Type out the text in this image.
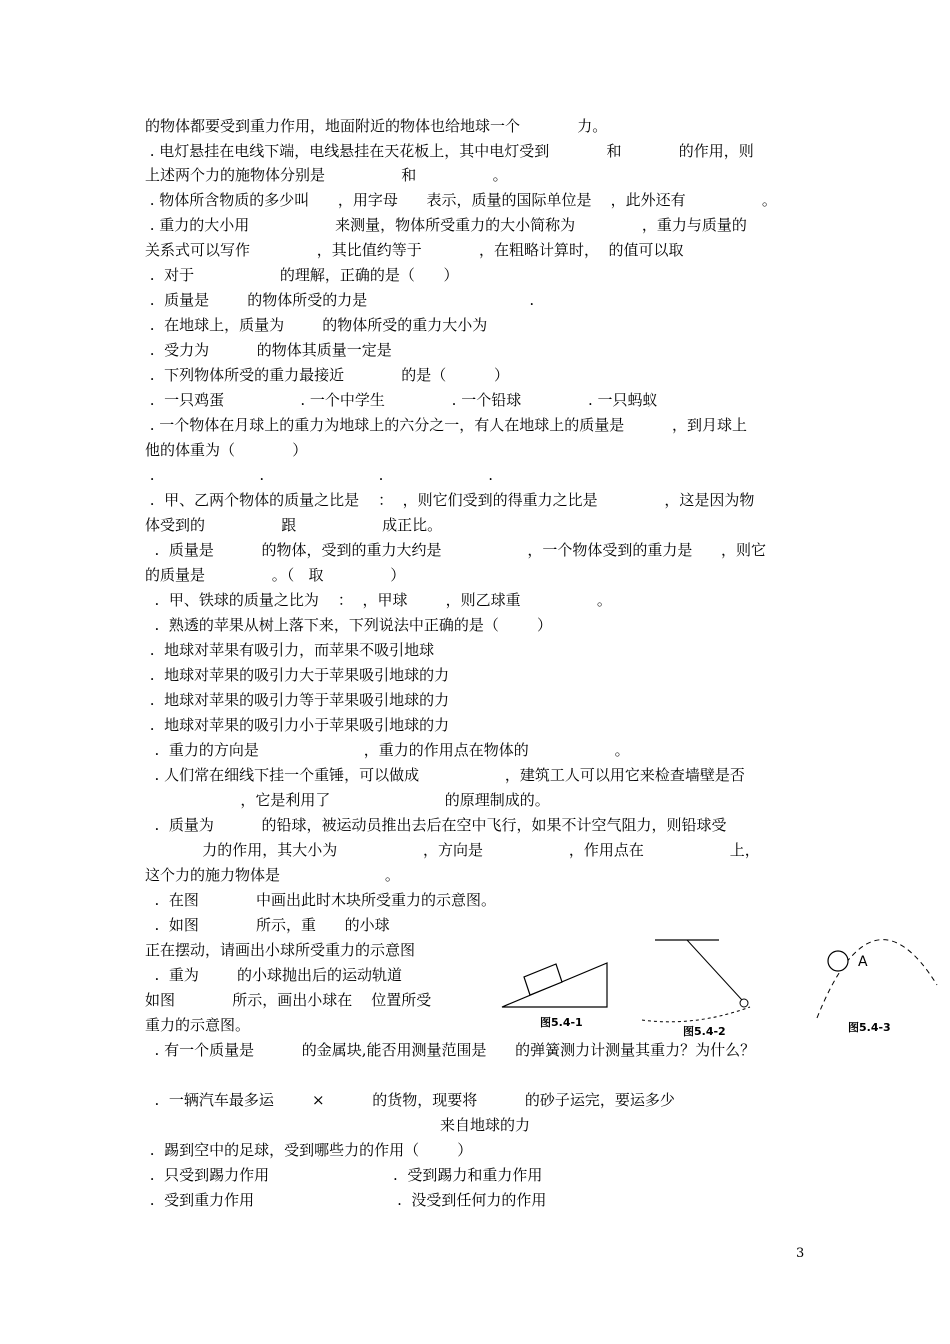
的物体都要受到重力作用，地面附近的物体也给地球一个            力。

. 电灯悬挂在电线下端，电线悬挂在天花板上，其中电灯受到            和            的作用，则

上述两个力的施物体分别是                和                。

. 物体所含物质的多少叫      ，用字母      表示，质量的国际单位是    ，此外还有                。

. 重力的大小用                  来测量，物体所受重力的大小简称为              ，重力与质量的

关系式可以写作              ，其比值约等于            ，在粗略计算时，  的值可以取

.  对于                  的理解，正确的是（      ）

.  质量是        的物体所受的力是                                  .

.  在地球上，质量为        的物体所受的重力大小为

.  受力为          的物体其质量一定是

.  下列物体所受的重力最接近            的是（          ）

.  一只鸡蛋                . 一个中学生              . 一个铅球              . 一只蚂蚁

. 一个物体在月球上的重力为地球上的六分之一，有人在地球上的质量是          ，到月球上

他的体重为（            ）

.                      .                        .                      .

.  甲、乙两个物体的质量之比是    ：  ，则它们受到的得重力之比是              ，这是因为物

体受到的                跟                  成正比。

.  质量是          的物体，受到的重力大约是                  ，一个物体受到的重力是      ，则它

的质量是              。（   取              ）

.  甲、铁球的质量之比为    ：  ，甲球        ，则乙球重                。

.  熟透的苹果从树上落下来，下列说法中正确的是（        ）

.  地球对苹果有吸引力，而苹果不吸引地球

.  地球对苹果的吸引力大于苹果吸引地球的力

.  地球对苹果的吸引力等于苹果吸引地球的力

.  地球对苹果的吸引力小于苹果吸引地球的力

.  重力的方向是                      ，重力的作用点在物体的                  。

. 人们常在细线下挂一个重锤，可以做成                  ，建筑工人可以用它来检查墙壁是否

，它是利用了                        的原理制成的。

.  质量为          的铅球，被运动员推出去后在空中飞行，如果不计空气阻力，则铅球受

力的作用，其大小为                  ，方向是                  ，作用点在                  上，

这个力的施力物体是                      。

.  在图            中画出此时木块所受重力的示意图。

.  如图            所示，重      的小球

正在摆动，请画出小球所受重力的示意图

.  重为        的小球抛出后的运动轨道

如图            所示，画出小球在    位置所受

重力的示意图。

. 有一个质量是          的金属块,能否用测量范围是      的弹簧测力计测量其重力？为什么？

.  一辆汽车最多运        ×          的货物，现要将          的砂子运完，要运多少

来自地球的力

.  踢到空中的足球，受到哪些力的作用（        ）

.  只受到踢力作用                          .  受到踢力和重力作用

.  受到重力作用                              .  没受到任何力的作用

图5.4-1
图5.4-2
A
图5.4-3
3
